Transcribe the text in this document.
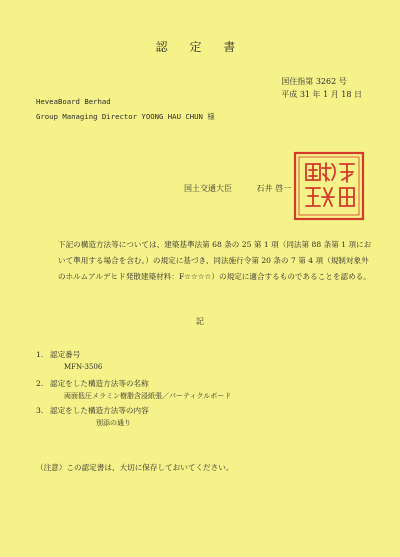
認 定 書
国住指第 3262 号
平成 31 年 1 月 18 日
HeveaBoard Berhad
Group Managing Director YOONG HAU CHUN 様
国土交通大臣	石井 啓一
下記の構造方法等については、建築基準法第 68 条の 25 第 1 項（同法第 88 条第 1 項において準用する場合を含む。）の規定に基づき、同法施行令第 20 条の 7 第 4 項（規制対象外のホルムアルデヒド発散建築材料：F☆☆☆☆）の規定に適合するものであることを認める。
記
1. 認定番号
MFN-3506
2. 認定をした構造方法等の名称
両面低圧メラミン樹脂含浸紙張／パーティクルボード
3. 認定をした構造方法等の内容
別添の通り
（注意）この認定書は、大切に保存しておいてください。
